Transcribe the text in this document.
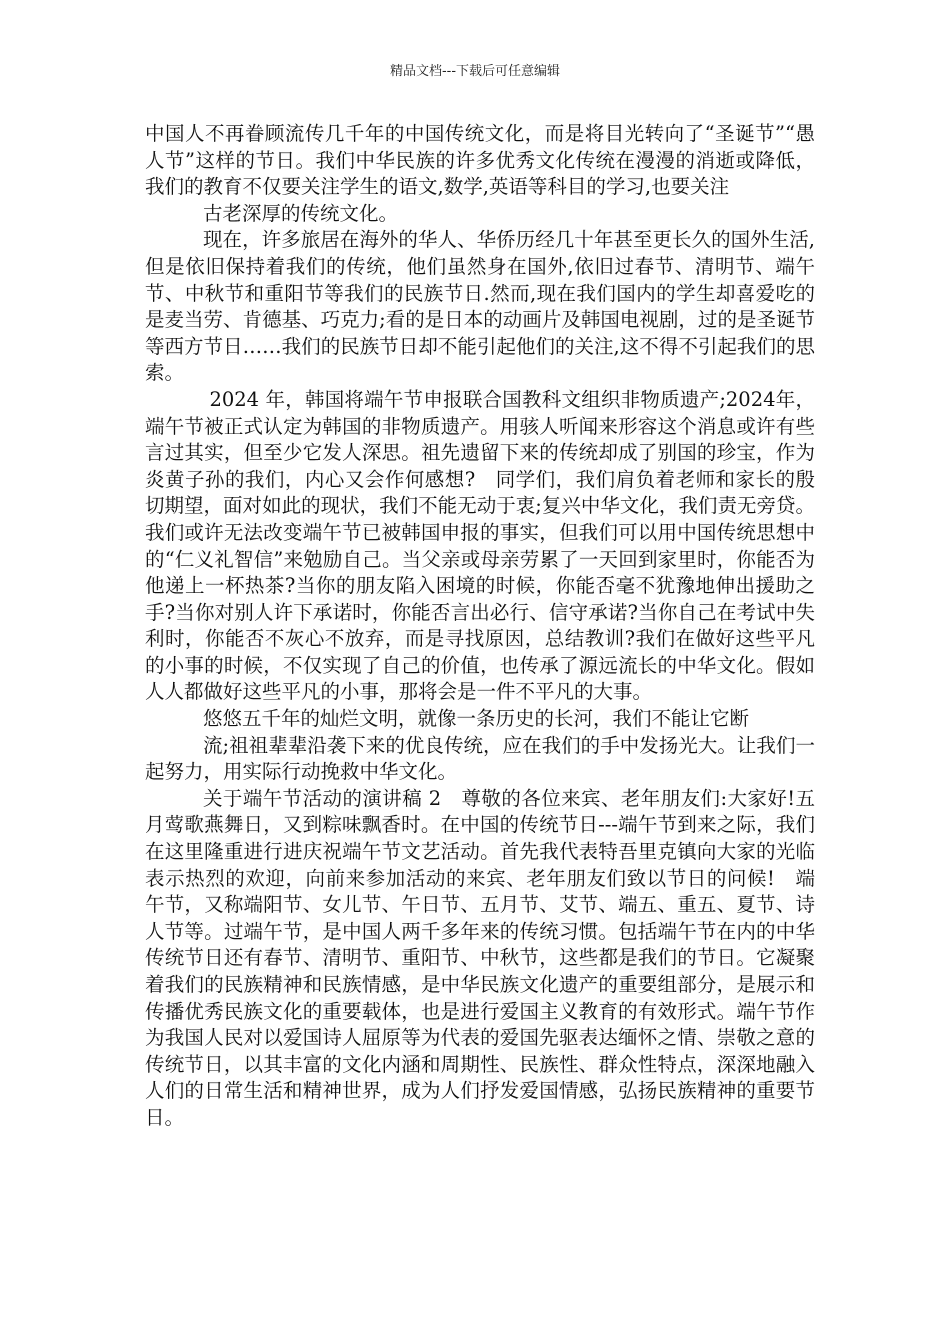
精品文档---下载后可任意编辑

中国人不再眷顾流传几千年的中国传统文化，而是将目光转向了“圣诞节”“愚人节”这样的节日。我们中华民族的许多优秀文化传统在漫漫的消逝或降低，我们的教育不仅要关注学生的语文,数学,英语等科目的学习,也要关注

古老深厚的传统文化。

现在，许多旅居在海外的华人、华侨历经几十年甚至更长久的国外生活,但是依旧保持着我们的传统，他们虽然身在国外,依旧过春节、清明节、端午节、中秋节和重阳节等我们的民族节日.然而,现在我们国内的学生却喜爱吃的是麦当劳、肯德基、巧克力;看的是日本的动画片及韩国电视剧，过的是圣诞节等西方节日……我们的民族节日却不能引起他们的关注,这不得不引起我们的思索。

2024 年，韩国将端午节申报联合国教科文组织非物质遗产;2024年，端午节被正式认定为韩国的非物质遗产。用骇人听闻来形容这个消息或许有些言过其实，但至少它发人深思。祖先遗留下来的传统却成了别国的珍宝，作为炎黄子孙的我们，内心又会作何感想?　同学们，我们肩负着老师和家长的殷切期望，面对如此的现状，我们不能无动于衷;复兴中华文化，我们责无旁贷。我们或许无法改变端午节已被韩国申报的事实，但我们可以用中国传统思想中的“仁义礼智信”来勉励自己。当父亲或母亲劳累了一天回到家里时，你能否为他递上一杯热茶?当你的朋友陷入困境的时候，你能否毫不犹豫地伸出援助之手?当你对别人许下承诺时，你能否言出必行、信守承诺?当你自己在考试中失利时，你能否不灰心不放弃，而是寻找原因，总结教训?我们在做好这些平凡的小事的时候，不仅实现了自己的价值，也传承了源远流长的中华文化。假如人人都做好这些平凡的小事，那将会是一件不平凡的大事。

悠悠五千年的灿烂文明，就像一条历史的长河，我们不能让它断

流;祖祖辈辈沿袭下来的优良传统，应在我们的手中发扬光大。让我们一起努力，用实际行动挽救中华文化。

关于端午节活动的演讲稿 2　尊敬的各位来宾、老年朋友们:大家好!五月莺歌燕舞日，又到粽味飘香时。在中国的传统节日---端午节到来之际，我们在这里隆重进行进庆祝端午节文艺活动。首先我代表特吾里克镇向大家的光临表示热烈的欢迎，向前来参加活动的来宾、老年朋友们致以节日的问候!　端午节，又称端阳节、女儿节、午日节、五月节、艾节、端五、重五、夏节、诗人节等。过端午节，是中国人两千多年来的传统习惯。包括端午节在内的中华传统节日还有春节、清明节、重阳节、中秋节，这些都是我们的节日。它凝聚着我们的民族精神和民族情感，是中华民族文化遗产的重要组部分，是展示和传播优秀民族文化的重要载体，也是进行爱国主义教育的有效形式。端午节作为我国人民对以爱国诗人屈原等为代表的爱国先驱表达缅怀之情、崇敬之意的传统节日，以其丰富的文化内涵和周期性、民族性、群众性特点，深深地融入人们的日常生活和精神世界，成为人们抒发爱国情感，弘扬民族精神的重要节日。
